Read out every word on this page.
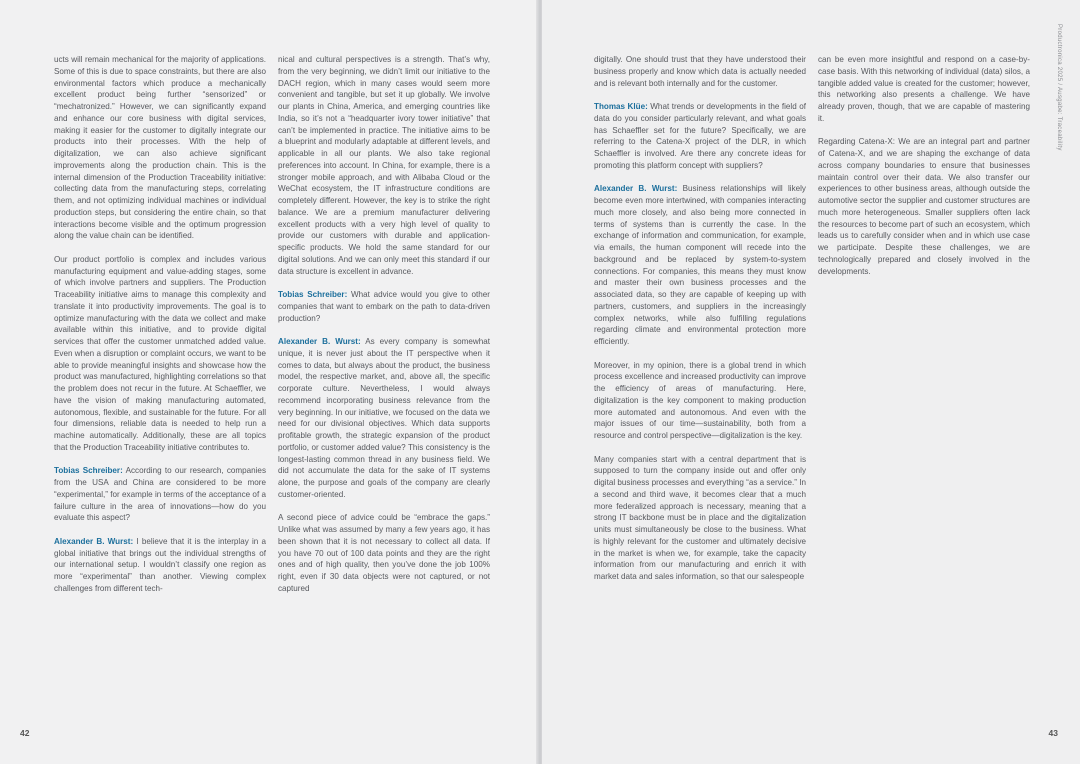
ucts will remain mechanical for the majority of applications. Some of this is due to space constraints, but there are also environmental factors which produce a mechanically excellent product being further “sensorized” or “mechatronized.” However, we can significantly expand and enhance our core business with digital services, making it easier for the customer to digitally integrate our products into their processes. With the help of digitalization, we can also achieve significant improvements along the production chain. This is the internal dimension of the Production Traceability initiative: collecting data from the manufacturing steps, correlating them, and not optimizing individual machines or individual production steps, but considering the entire chain, so that interactions become visible and the optimum progression along the value chain can be identified.

Our product portfolio is complex and includes various manufacturing equipment and value-adding stages, some of which involve partners and suppliers. The Production Traceability initiative aims to manage this complexity and translate it into productivity improvements. The goal is to optimize manufacturing with the data we collect and make available within this initiative, and to provide digital services that offer the customer unmatched added value. Even when a disruption or complaint occurs, we want to be able to provide meaningful insights and showcase how the product was manufactured, highlighting correlations so that the problem does not recur in the future. At Schaeffler, we have the vision of making manufacturing automated, autonomous, flexible, and sustainable for the future. For all four dimensions, reliable data is needed to help run a machine automatically. Additionally, these are all topics that the Production Traceability initiative contributes to.

Tobias Schreiber: According to our research, companies from the USA and China are considered to be more “experimental,” for example in terms of the acceptance of a failure culture in the area of innovations—how do you evaluate this aspect?

Alexander B. Wurst: I believe that it is the interplay in a global initiative that brings out the individual strengths of our international setup. I wouldn’t classify one region as more “experimental” than another. Viewing complex challenges from different tech-

nical and cultural perspectives is a strength. That’s why, from the very beginning, we didn’t limit our initiative to the DACH region, which in many cases would seem more convenient and tangible, but set it up globally. We involve our plants in China, America, and emerging countries like India, so it’s not a “headquarter ivory tower initiative” that can’t be implemented in practice. The initiative aims to be a blueprint and modularly adaptable at different levels, and applicable in all our plants. We also take regional preferences into account. In China, for example, there is a stronger mobile approach, and with Alibaba Cloud or the WeChat ecosystem, the IT infrastructure conditions are completely different. However, the key is to strike the right balance. We are a premium manufacturer delivering excellent products with a very high level of quality to provide our customers with durable and application-specific products. We hold the same standard for our digital solutions. And we can only meet this standard if our data structure is excellent in advance.

Tobias Schreiber: What advice would you give to other companies that want to embark on the path to data-driven production?

Alexander B. Wurst: As every company is somewhat unique, it is never just about the IT perspective when it comes to data, but always about the product, the business model, the respective market, and, above all, the specific corporate culture. Nevertheless, I would always recommend incorporating business relevance from the very beginning. In our initiative, we focused on the data we need for our divisional objectives. Which data supports profitable growth, the strategic expansion of the product portfolio, or customer added value? This consistency is the longest-lasting common thread in any business field. We did not accumulate the data for the sake of IT systems alone, the purpose and goals of the company are clearly customer-oriented.

A second piece of advice could be “embrace the gaps.” Unlike what was assumed by many a few years ago, it has been shown that it is not necessary to collect all data. If you have 70 out of 100 data points and they are the right ones and of high quality, then you’ve done the job 100% right, even if 30 data objects were not captured, or not captured

42
Productronica 2025 / Ausgabe: Traceability

digitally. One should trust that they have understood their business properly and know which data is actually needed and is relevant both internally and for the customer.

Thomas Klüe: What trends or developments in the field of data do you consider particularly relevant, and what goals has Schaeffler set for the future? Specifically, we are referring to the Catena-X project of the DLR, in which Schaeffler is involved. Are there any concrete ideas for promoting this platform concept with suppliers?

Alexander B. Wurst: Business relationships will likely become even more intertwined, with companies interacting much more closely, and also being more connected in terms of systems than is currently the case. In the exchange of information and communication, for example, via emails, the human component will recede into the background and be replaced by system-to-system connections. For companies, this means they must know and master their own business processes and the associated data, so they are capable of keeping up with partners, customers, and suppliers in the increasingly complex networks, while also fulfilling regulations regarding climate and environmental protection more efficiently.

Moreover, in my opinion, there is a global trend in which process excellence and increased productivity can improve the efficiency of areas of manufacturing. Here, digitalization is the key component to making production more automated and autonomous. And even with the major issues of our time—sustainability, both from a resource and control perspective—digitalization is the key.

Many companies start with a central department that is supposed to turn the company inside out and offer only digital business processes and everything “as a service.” In a second and third wave, it becomes clear that a much more federalized approach is necessary, meaning that a strong IT backbone must be in place and the digitalization units must simultaneously be close to the business. What is highly relevant for the customer and ultimately decisive in the market is when we, for example, take the capacity information from our manufacturing and enrich it with market data and sales information, so that our salespeople

can be even more insightful and respond on a case-by-case basis. With this networking of individual (data) silos, a tangible added value is created for the customer; however, this networking also presents a challenge. We have already proven, though, that we are capable of mastering it.

Regarding Catena-X: We are an integral part and partner of Catena-X, and we are shaping the exchange of data across company boundaries to ensure that businesses maintain control over their data. We also transfer our experiences to other business areas, although outside the automotive sector the supplier and customer structures are much more heterogeneous. Smaller suppliers often lack the resources to become part of such an ecosystem, which leads us to carefully consider when and in which use case we participate. Despite these challenges, we are technologically prepared and closely involved in the developments.

43
